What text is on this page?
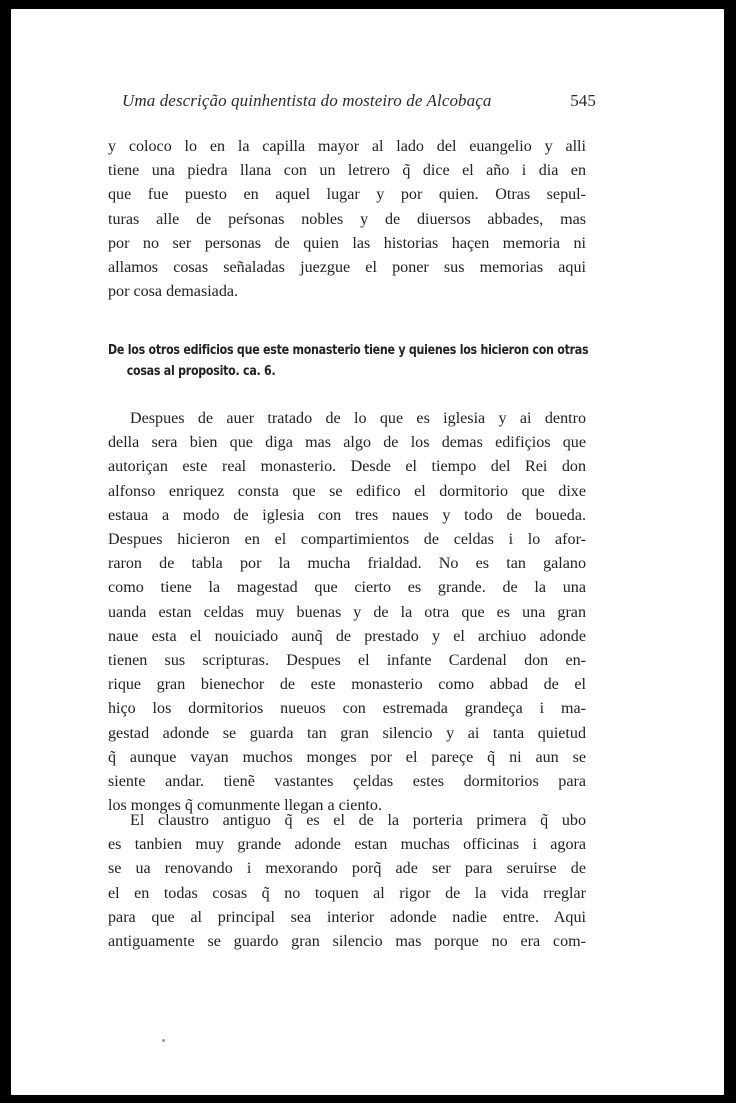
Uma descrição quinhentista do mosteiro de Alcobaça	545
y coloco lo en la capilla mayor al lado del euangelio y alli
tiene una piedra llana con un letrero q̃ dice el año i dia en
que fue puesto en aquel lugar y por quien. Otras sepul-
turas alle de peŕsonas nobles y de diuersos abbades, mas
por no ser personas de quien las historias haçen memoria ni
allamos cosas señaladas juezgue el poner sus memorias aqui
por cosa demasiada.
De los otros edificios que este monasterio tiene y quienes los hicieron con otras
cosas al proposito. ca. 6.
Despues de auer tratado de lo que es iglesia y ai dentro
della sera bien que diga mas algo de los demas edifiçios que
autoriçan este real monasterio. Desde el tiempo del Rei don
alfonso enriquez consta que se edifico el dormitorio que dixe
estaua a modo de iglesia con tres naues y todo de boueda.
Despues hicieron en el compartimientos de celdas i lo afor-
raron de tabla por la mucha frialdad. No es tan galano
como tiene la magestad que cierto es grande. de la una
uanda estan celdas muy buenas y de la otra que es una gran
naue esta el nouiciado aunq̃ de prestado y el archiuo adonde
tienen sus scripturas. Despues el infante Cardenal don en-
rique gran bienechor de este monasterio como abbad de el
hiço los dormitorios nueuos con estremada grandeça i ma-
gestad adonde se guarda tan gran silencio y ai tanta quietud
q̃ aunque vayan muchos monges por el pareçe q̃ ni aun se
siente andar. tienẽ vastantes çeldas estes dormitorios para
los monges q̃ comunmente llegan a ciento.
El claustro antiguo q̃ es el de la porteria primera q̃ ubo
es tanbien muy grande adonde estan muchas officinas i agora
se ua renovando i mexorando porq̃ ade ser para seruirse de
el en todas cosas q̃ no toquen al rigor de la vida rreglar
para que al principal sea interior adonde nadie entre. Aqui
antiguamente se guardo gran silencio mas porque no era com-
